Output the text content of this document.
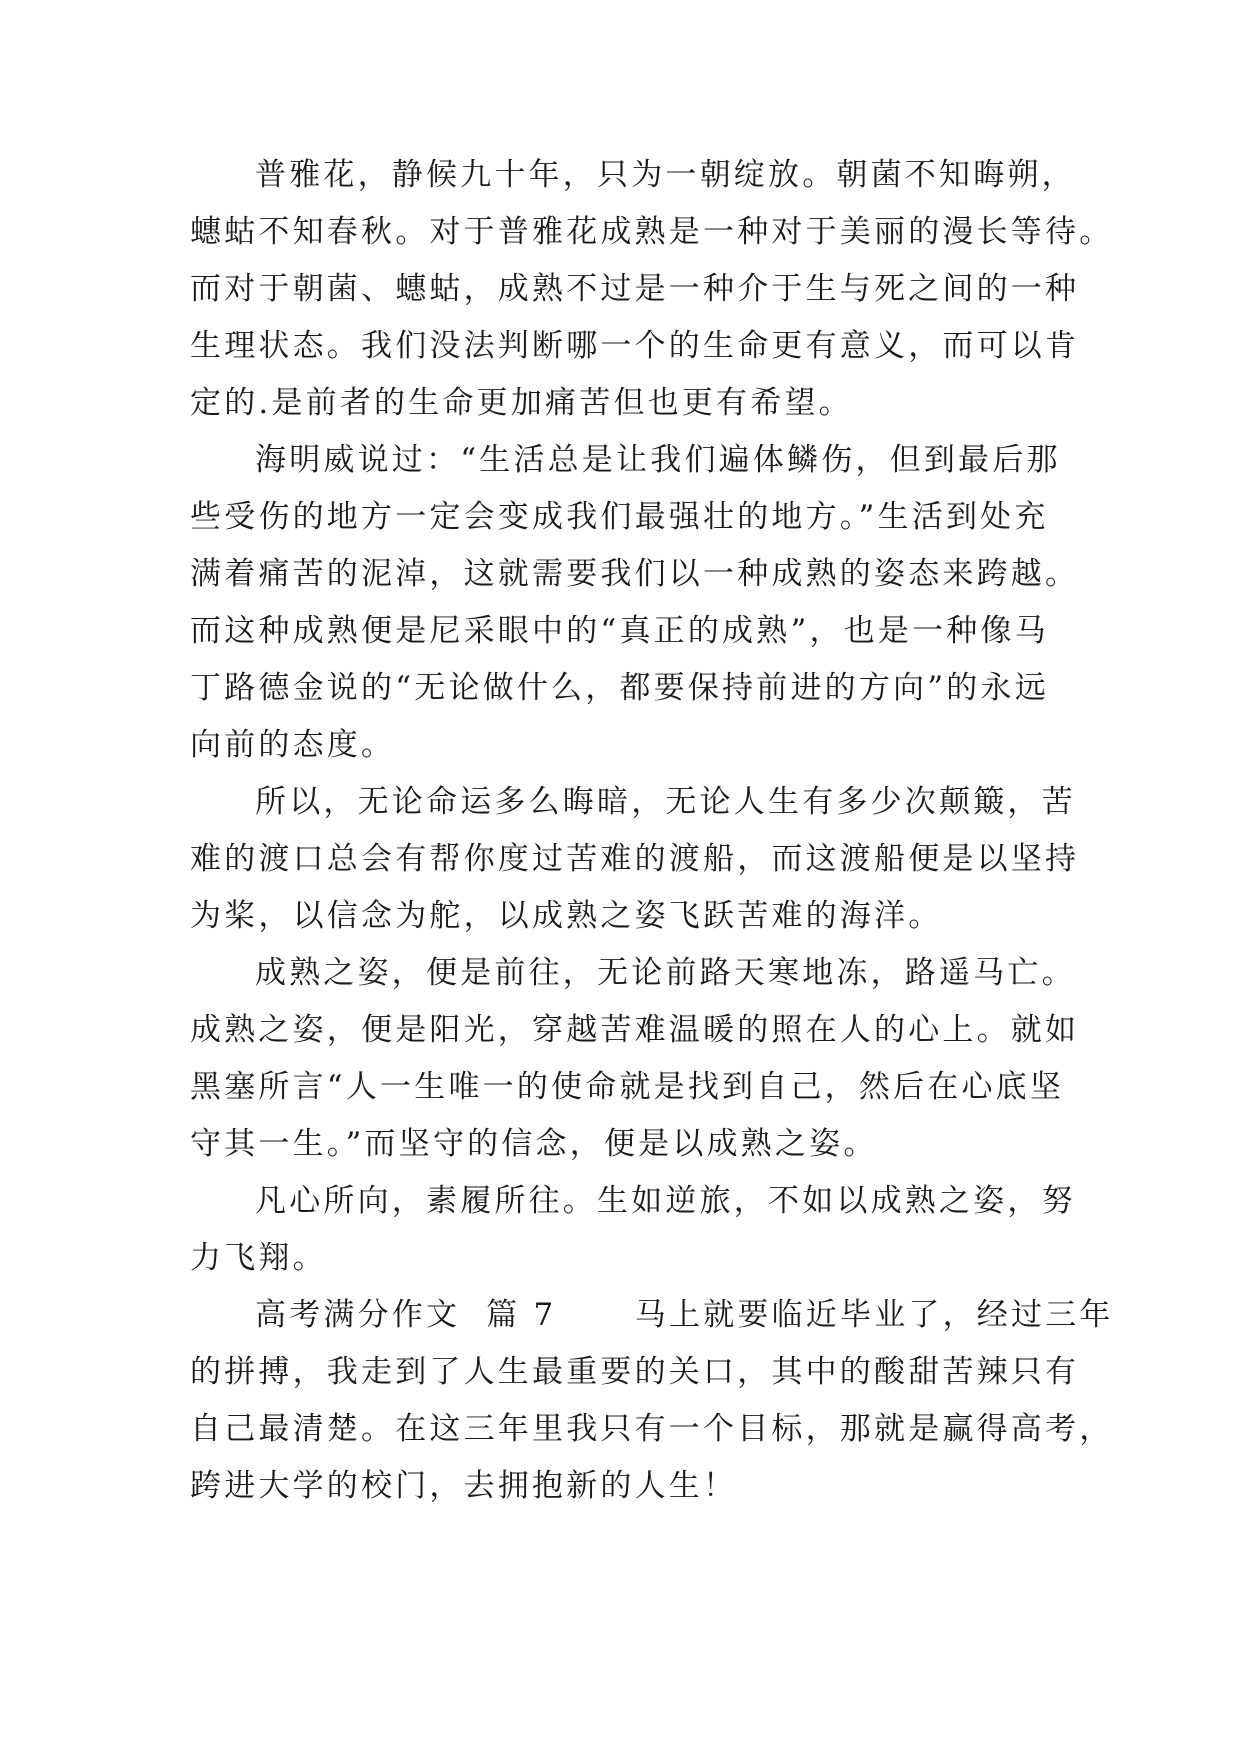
普雅花，静候九十年，只为一朝绽放。朝菌不知晦朔，
蟪蛄不知春秋。对于普雅花成熟是一种对于美丽的漫长等待。
而对于朝菌、蟪蛄，成熟不过是一种介于生与死之间的一种
生理状态。我们没法判断哪一个的生命更有意义，而可以肯
定的.是前者的生命更加痛苦但也更有希望。
海明威说过：“生活总是让我们遍体鳞伤，但到最后那
些受伤的地方一定会变成我们最强壮的地方。”生活到处充
满着痛苦的泥淖，这就需要我们以一种成熟的姿态来跨越。
而这种成熟便是尼采眼中的“真正的成熟”，也是一种像马
丁路德金说的“无论做什么，都要保持前进的方向”的永远
向前的态度。
所以，无论命运多么晦暗，无论人生有多少次颠簸，苦
难的渡口总会有帮你度过苦难的渡船，而这渡船便是以坚持
为桨，以信念为舵，以成熟之姿飞跃苦难的海洋。
成熟之姿，便是前往，无论前路天寒地冻，路遥马亡。
成熟之姿，便是阳光，穿越苦难温暖的照在人的心上。就如
黑塞所言“人一生唯一的使命就是找到自己，然后在心底坚
守其一生。”而坚守的信念，便是以成熟之姿。
凡心所向，素履所往。生如逆旅，不如以成熟之姿，努
力飞翔。
高考满分作文  篇 7      马上就要临近毕业了，经过三年
的拼搏，我走到了人生最重要的关口，其中的酸甜苦辣只有
自己最清楚。在这三年里我只有一个目标，那就是赢得高考，
跨进大学的校门，去拥抱新的人生！
